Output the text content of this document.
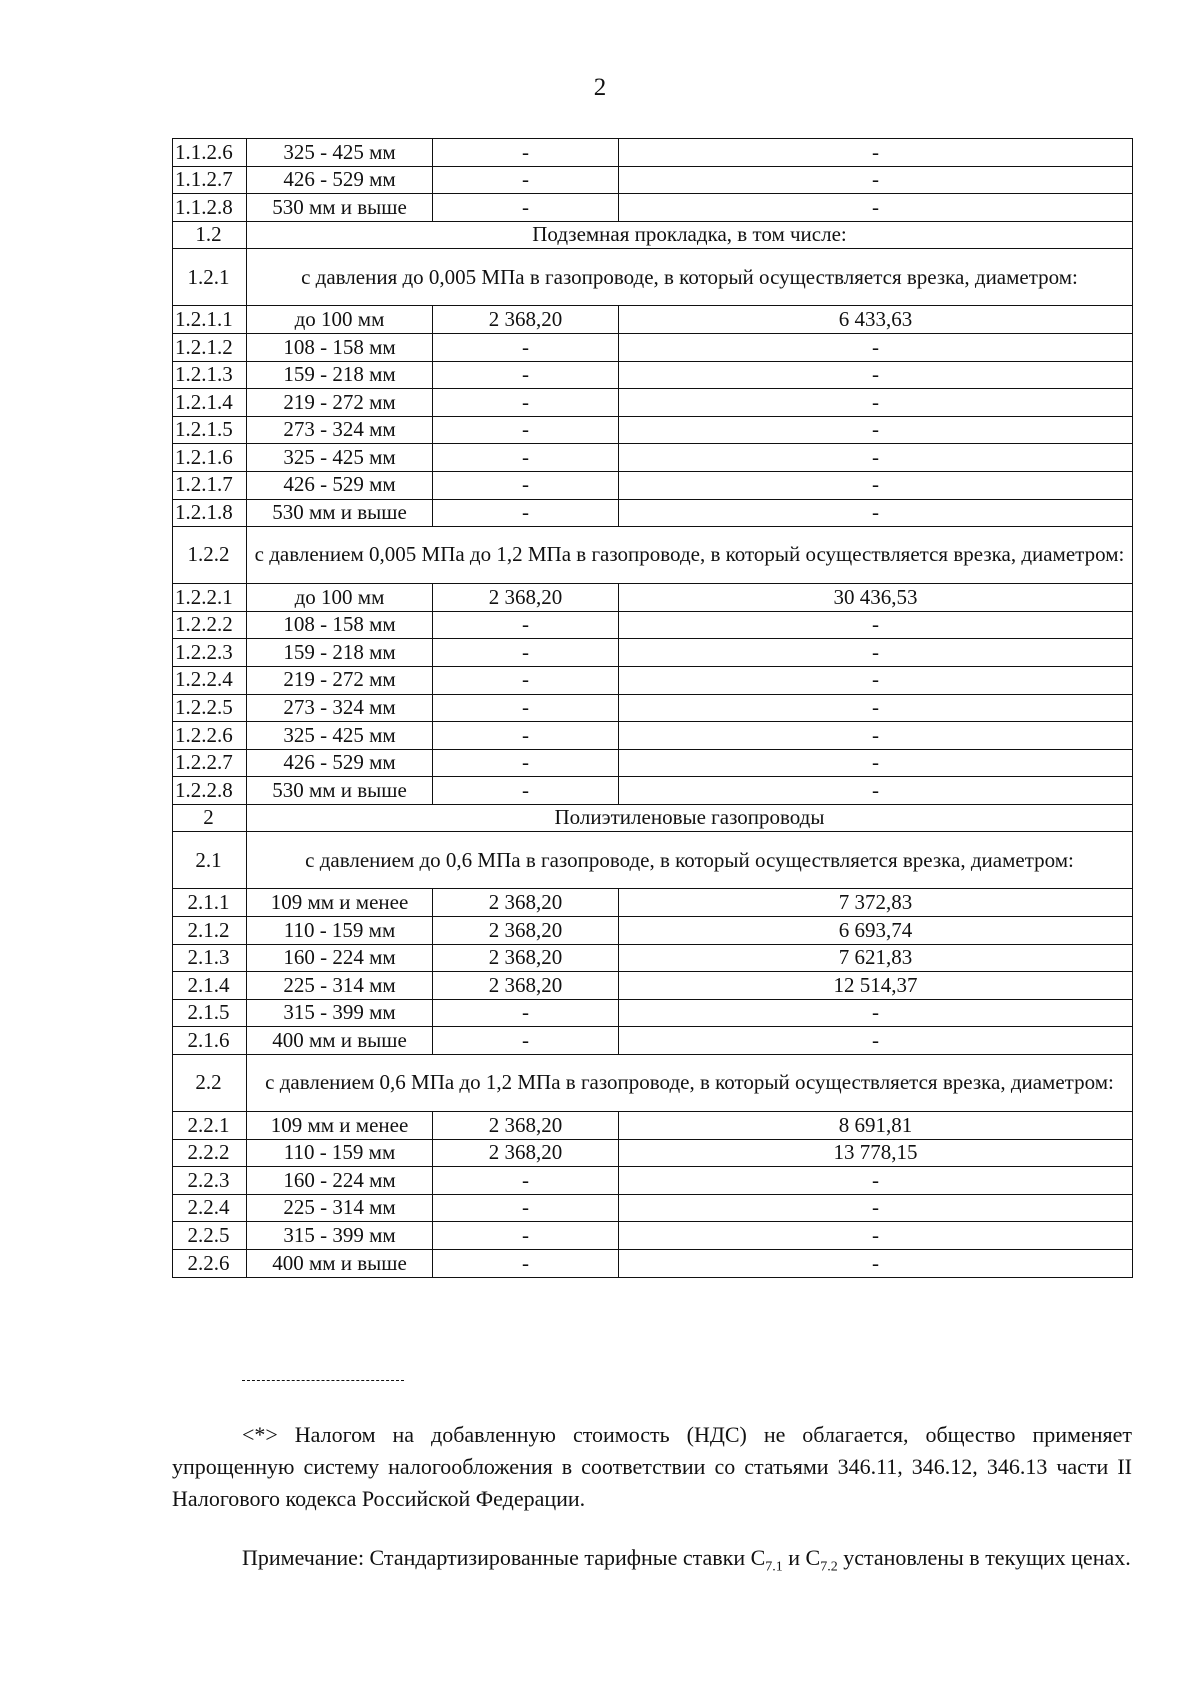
2
1.1.2.6	325 - 425 мм	-	-
1.1.2.7	426 - 529 мм	-	-
1.1.2.8	530 мм и выше	-	-
1.2	Подземная прокладка, в том числе:		
1.2.1	с давления до 0,005 МПа в газопроводе, в который осуществляется врезка, диаметром:		
1.2.1.1	до 100 мм	2 368,20	6 433,63
1.2.1.2	108 - 158 мм	-	-
1.2.1.3	159 - 218 мм	-	-
1.2.1.4	219 - 272 мм	-	-
1.2.1.5	273 - 324 мм	-	-
1.2.1.6	325 - 425 мм	-	-
1.2.1.7	426 - 529 мм	-	-
1.2.1.8	530 мм и выше	-	-
1.2.2	с давлением 0,005 МПа до 1,2 МПа в газопроводе, в который осуществляется врезка, диаметром:		
1.2.2.1	до 100 мм	2 368,20	30 436,53
1.2.2.2	108 - 158 мм	-	-
1.2.2.3	159 - 218 мм	-	-
1.2.2.4	219 - 272 мм	-	-
1.2.2.5	273 - 324 мм	-	-
1.2.2.6	325 - 425 мм	-	-
1.2.2.7	426 - 529 мм	-	-
1.2.2.8	530 мм и выше	-	-
2	Полиэтиленовые газопроводы		
2.1	с давлением до 0,6 МПа в газопроводе, в который осуществляется врезка, диаметром:		
2.1.1	109 мм и менее	2 368,20	7 372,83
2.1.2	110 - 159 мм	2 368,20	6 693,74
2.1.3	160 - 224 мм	2 368,20	7 621,83
2.1.4	225 - 314 мм	2 368,20	12 514,37
2.1.5	315 - 399 мм	-	-
2.1.6	400 мм и выше	-	-
2.2	с давлением 0,6 МПа до 1,2 МПа в газопроводе, в который осуществляется врезка, диаметром:		
2.2.1	109 мм и менее	2 368,20	8 691,81
2.2.2	110 - 159 мм	2 368,20	13 778,15
2.2.3	160 - 224 мм	-	-
2.2.4	225 - 314 мм	-	-
2.2.5	315 - 399 мм	-	-
2.2.6	400 мм и выше	-	-

<*> Налогом на добавленную стоимость (НДС) не облагается, общество применяет упрощенную систему налогообложения в соответствии со статьями 346.11, 346.12, 346.13 части II Налогового кодекса Российской Федерации.

Примечание: Стандартизированные тарифные ставки $С_{7.1}$ и $С_{7.2}$ установлены в текущих ценах.
